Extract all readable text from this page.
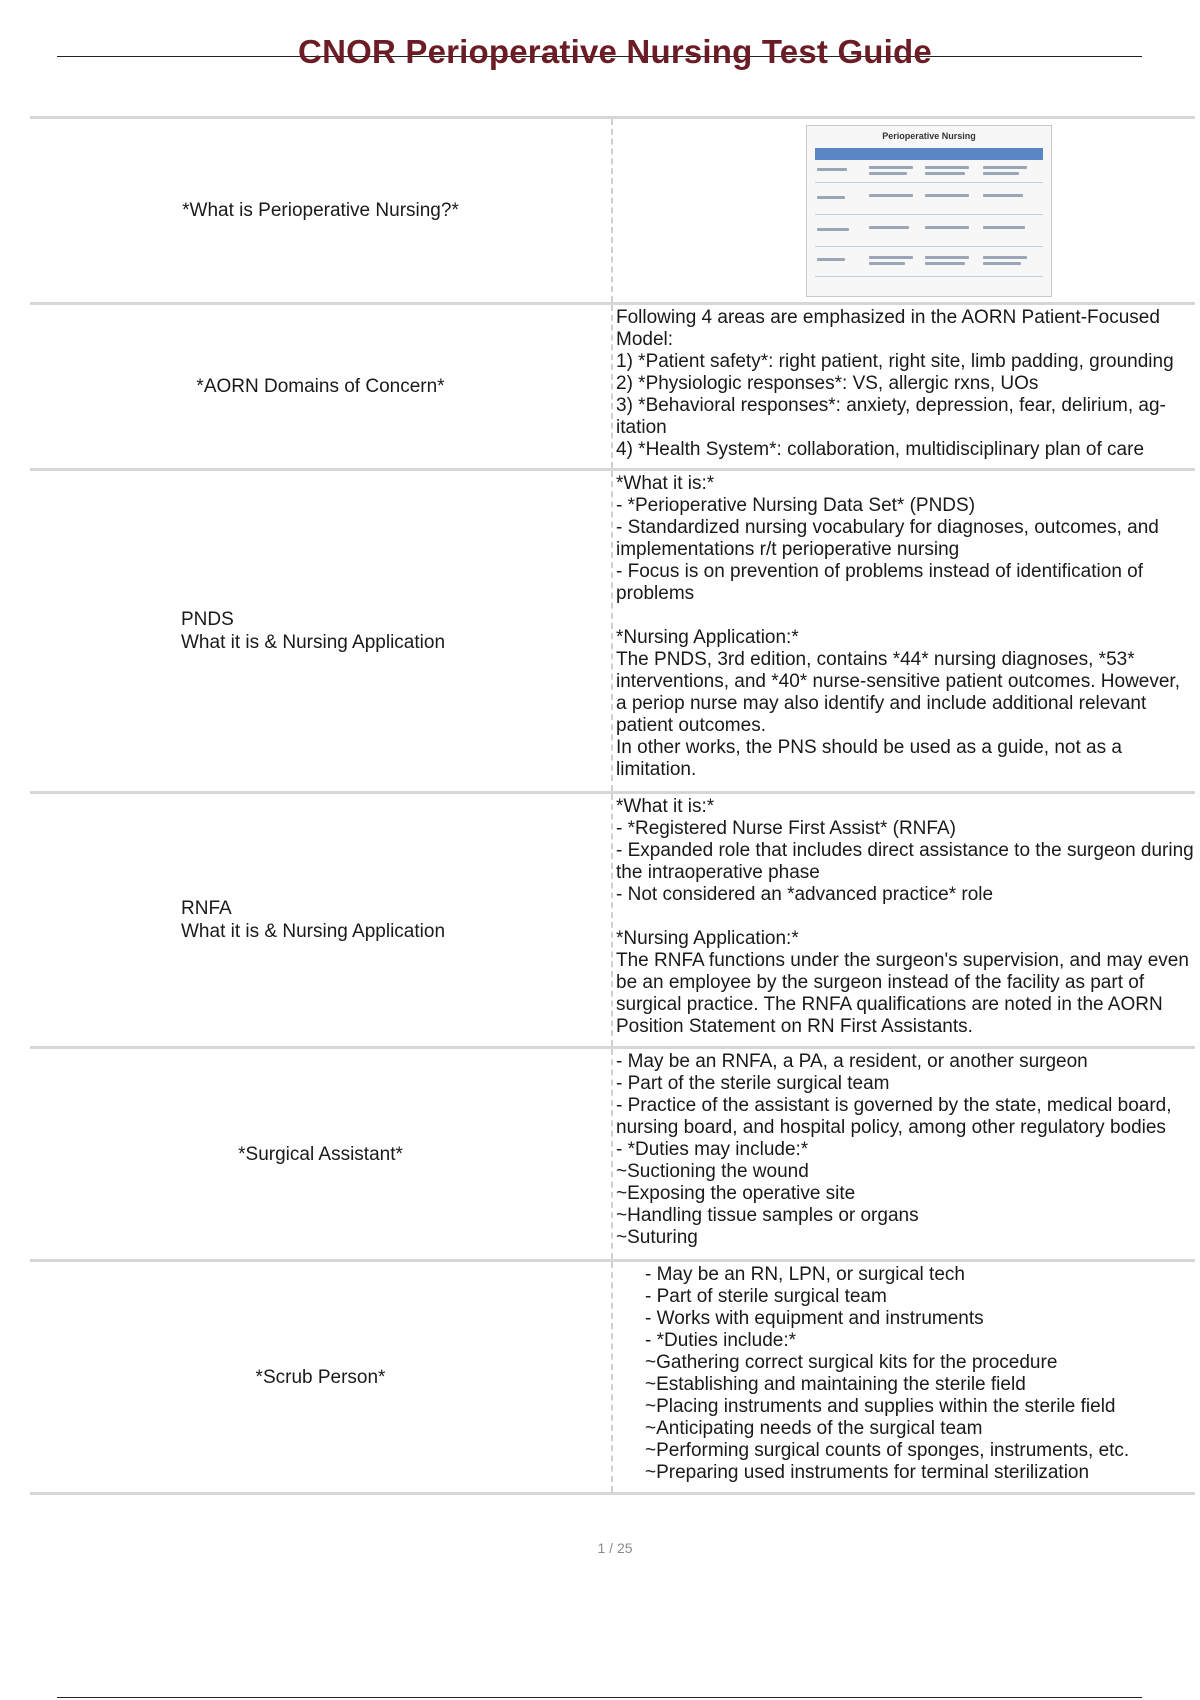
CNOR Perioperative Nursing Test Guide
*What is Perioperative Nursing?*
Perioperative Nursing
*AORN Domains of Concern*
Following 4 areas are emphasized in the AORN Patient-Focused Model:
1) *Patient safety*: right patient, right site, limb padding, grounding
2) *Physiologic responses*: VS, allergic rxns, UOs
3) *Behavioral responses*: anxiety, depression, fear, delirium, ag-itation
4) *Health System*: collaboration, multidisciplinary plan of care
PNDS
What it is & Nursing Application
*What it is:*
- *Perioperative Nursing Data Set* (PNDS)
- Standardized nursing vocabulary for diagnoses, outcomes, and implementations r/t perioperative nursing
- Focus is on prevention of problems instead of identification of problems

*Nursing Application:*
The PNDS, 3rd edition, contains *44* nursing diagnoses, *53* interventions, and *40* nurse-sensitive patient outcomes. However, a periop nurse may also identify and include additional relevant patient outcomes.
In other works, the PNS should be used as a guide, not as a limitation.
RNFA
What it is & Nursing Application
*What it is:*
- *Registered Nurse First Assist* (RNFA)
- Expanded role that includes direct assistance to the surgeon during the intraoperative phase
- Not considered an *advanced practice* role

*Nursing Application:*
The RNFA functions under the surgeon's supervision, and may even be an employee by the surgeon instead of the facility as part of surgical practice. The RNFA qualifications are noted in the AORN Position Statement on RN First Assistants.
*Surgical Assistant*
- May be an RNFA, a PA, a resident, or another surgeon
- Part of the sterile surgical team
- Practice of the assistant is governed by the state, medical board, nursing board, and hospital policy, among other regulatory bodies
- *Duties may include:*
~Suctioning the wound
~Exposing the operative site
~Handling tissue samples or organs
~Suturing
*Scrub Person*
- May be an RN, LPN, or surgical tech
- Part of sterile surgical team
- Works with equipment and instruments
- *Duties include:*
~Gathering correct surgical kits for the procedure
~Establishing and maintaining the sterile field
~Placing instruments and supplies within the sterile field
~Anticipating needs of the surgical team
~Performing surgical counts of sponges, instruments, etc.
~Preparing used instruments for terminal sterilization
1 / 25
